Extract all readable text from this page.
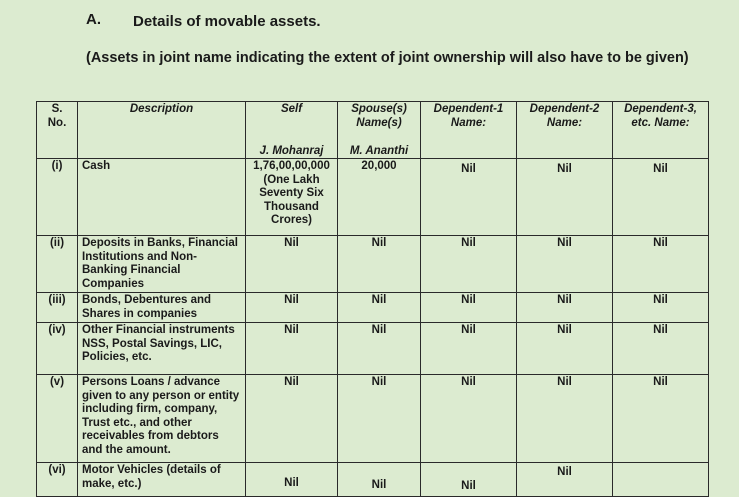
A. Details of movable assets.
(Assets in joint name indicating the extent of joint ownership will also have to be given)
S. No.	Description	Self	Spouse(s) Name(s)	Dependent-1 Name:	Dependent-2 Name:	Dependent-3, etc. Name:
		J. Mohanraj	M. Ananthi			
(i)	Cash	1,76,00,00,000 (One Lakh Seventy Six Thousand Crores)	20,000	Nil	Nil	Nil
(ii)	Deposits in Banks, Financial Institutions and Non-Banking Financial Companies	Nil	Nil	Nil	Nil	Nil
(iii)	Bonds, Debentures and Shares in companies	Nil	Nil	Nil	Nil	Nil
(iv)	Other Financial instruments NSS, Postal Savings, LIC, Policies, etc.	Nil	Nil	Nil	Nil	Nil
(v)	Persons Loans / advance given to any person or entity including firm, company, Trust etc., and other receivables from debtors and the amount.	Nil	Nil	Nil	Nil	Nil
(vi)	Motor Vehicles (details of make, etc.)	Nil	Nil	Nil	Nil	
